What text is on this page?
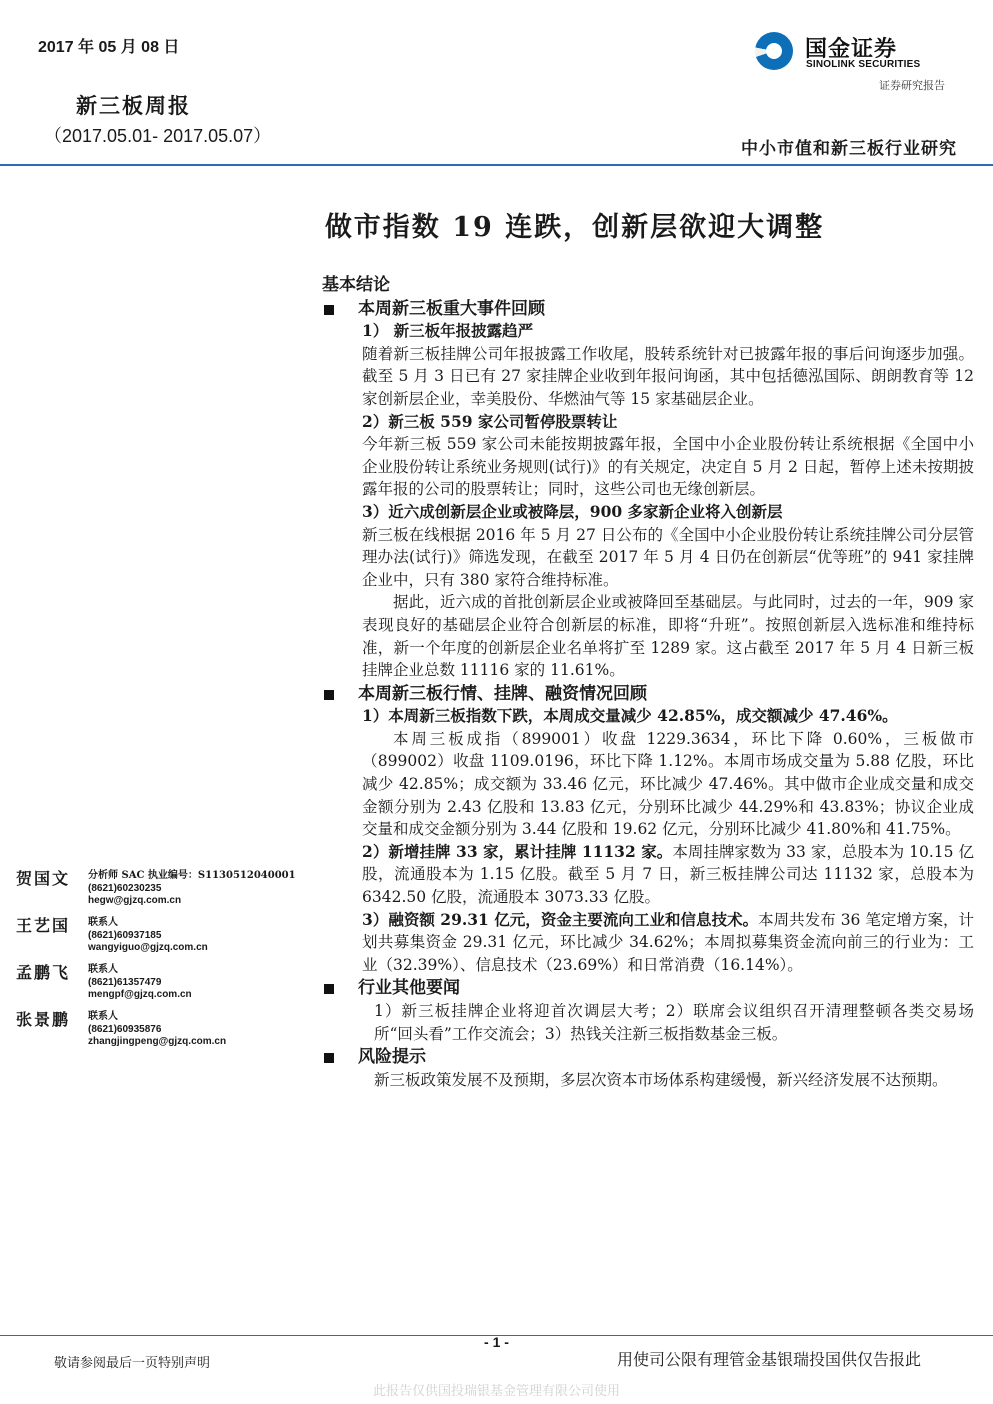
2017 年 05 月 08 日
新三板周报
（2017.05.01- 2017.05.07）
国金证券
SINOLINK SECURITIES
证券研究报告
中小市值和新三板行业研究
做市指数 19 连跌，创新层欲迎大调整
基本结论
本周新三板重大事件回顾
1） 新三板年报披露趋严
随着新三板挂牌公司年报披露工作收尾，股转系统针对已披露年报的事后问询逐步加强。截至 5 月 3 日已有 27 家挂牌企业收到年报问询函，其中包括德泓国际、朗朗教育等 12 家创新层企业，幸美股份、华燃油气等 15 家基础层企业。
2）新三板 559 家公司暂停股票转让
今年新三板 559 家公司未能按期披露年报，全国中小企业股份转让系统根据《全国中小企业股份转让系统业务规则(试行)》的有关规定，决定自 5 月 2 日起，暂停上述未按期披露年报的公司的股票转让；同时，这些公司也无缘创新层。
3）近六成创新层企业或被降层，900 多家新企业将入创新层
新三板在线根据 2016 年 5 月 27 日公布的《全国中小企业股份转让系统挂牌公司分层管理办法(试行)》筛选发现，在截至 2017 年 5 月 4 日仍在创新层“优等班”的 941 家挂牌企业中，只有 380 家符合维持标准。
据此，近六成的首批创新层企业或被降回至基础层。与此同时，过去的一年，909 家表现良好的基础层企业符合创新层的标准，即将“升班”。按照创新层入选标准和维持标准，新一个年度的创新层企业名单将扩至 1289 家。这占截至 2017 年 5 月 4 日新三板挂牌企业总数 11116 家的 11.61%。
本周新三板行情、挂牌、融资情况回顾
1）本周新三板指数下跌，本周成交量减少 42.85%，成交额减少 47.46%。
本周三板成指（899001）收盘 1229.3634，环比下降 0.60%，三板做市（899002）收盘 1109.0196，环比下降 1.12%。本周市场成交量为 5.88 亿股，环比减少 42.85%；成交额为 33.46 亿元，环比减少 47.46%。其中做市企业成交量和成交金额分别为 2.43 亿股和 13.83 亿元，分别环比减少 44.29%和 43.83%；协议企业成交量和成交金额分别为 3.44 亿股和 19.62 亿元，分别环比减少 41.80%和 41.75%。
2）新增挂牌 33 家，累计挂牌 11132 家。本周挂牌家数为 33 家，总股本为 10.15 亿股，流通股本为 1.15 亿股。截至 5 月 7 日，新三板挂牌公司达 11132 家，总股本为 6342.50 亿股，流通股本 3073.33 亿股。
3）融资额 29.31 亿元，资金主要流向工业和信息技术。本周共发布 36 笔定增方案，计划共募集资金 29.31 亿元，环比减少 34.62%；本周拟募集资金流向前三的行业为：工业（32.39%）、信息技术（23.69%）和日常消费（16.14%）。
行业其他要闻
1）新三板挂牌企业将迎首次调层大考；2）联席会议组织召开清理整顿各类交易场所“回头看”工作交流会；3）热钱关注新三板指数基金三板。
风险提示
新三板政策发展不及预期，多层次资本市场体系构建缓慢，新兴经济发展不达预期。
贺国文 分析师 SAC 执业编号：S1130512040001
(8621)60230235
hegw@gjzq.com.cn
王艺国 联系人
(8621)60937185
wangyiguo@gjzq.com.cn
孟鹏飞 联系人
(8621)61357479
mengpf@gjzq.com.cn
张景鹏 联系人
(8621)60935876
zhangjingpeng@gjzq.com.cn
- 1 -
敬请参阅最后一页特别声明	用使司公限有理管金基银瑞投国供仅告报此
此报告仅供国投瑞银基金管理有限公司使用
